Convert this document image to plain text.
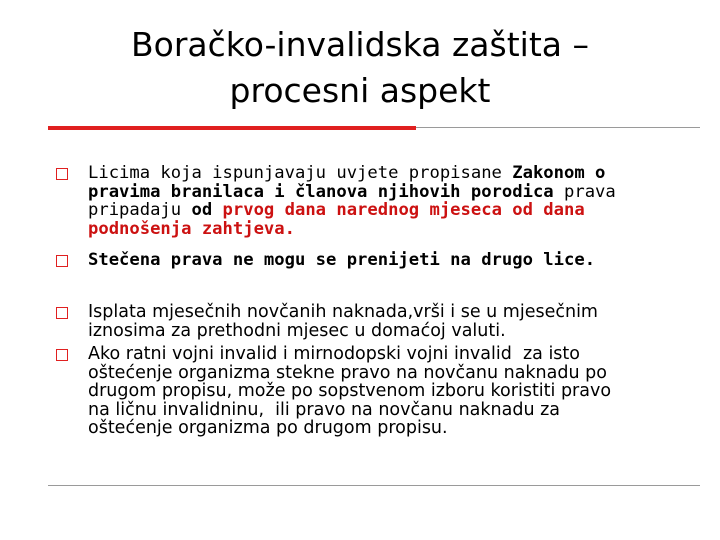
Boračko-invalidska zaštita –
procesni aspekt
Licima koja ispunjavaju uvjete propisane Zakonom o
pravima branilaca i članova njihovih porodica prava
pripadaju od prvog dana narednog mjeseca od dana
podnošenja zahtjeva.
Stečena prava ne mogu se prenijeti na drugo lice.
Isplata mjesečnih novčanih naknada,vrši i se u mjesečnim
iznosima za prethodni mjesec u domaćoj valuti.
Ako ratni vojni invalid i mirnodopski vojni invalid  za isto
oštećenje organizma stekne pravo na novčanu naknadu po
drugom propisu, može po sopstvenom izboru koristiti pravo
na ličnu invalidninu,  ili pravo na novčanu naknadu za
oštećenje organizma po drugom propisu.
